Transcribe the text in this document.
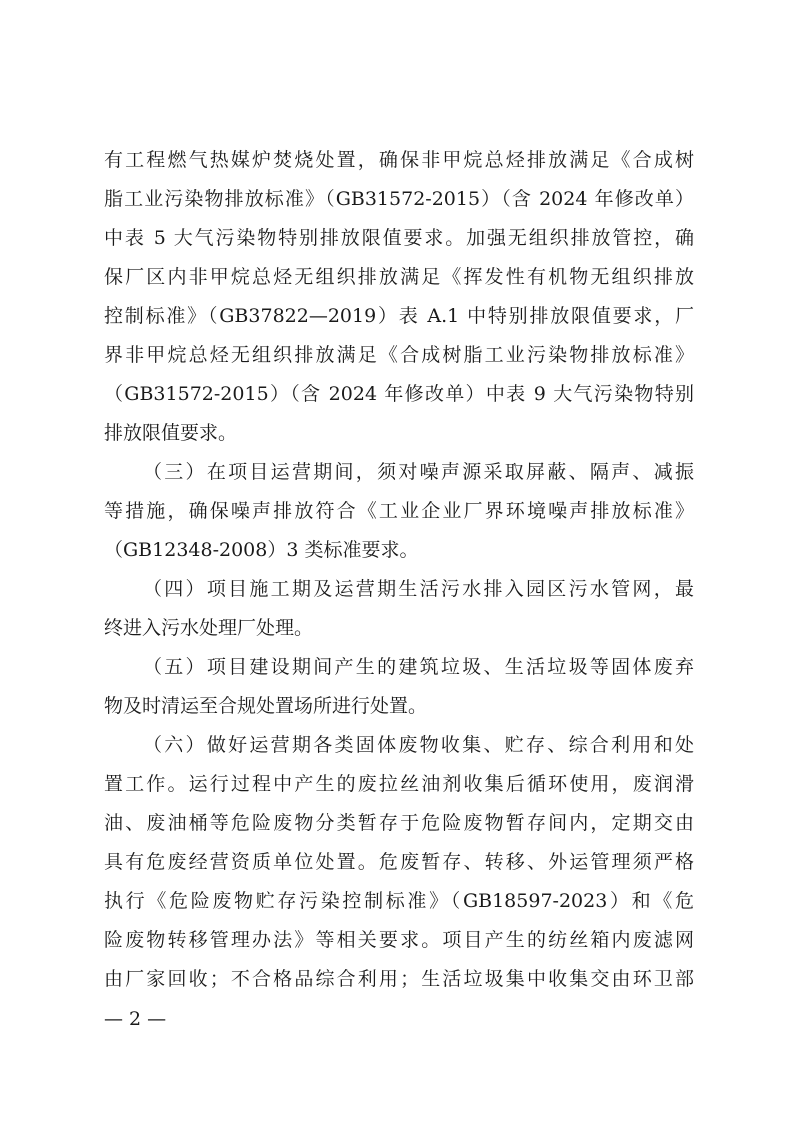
有工程燃气热媒炉焚烧处置，确保非甲烷总烃排放满足《合成树
脂工业污染物排放标准》（GB31572-2015）（含 2024 年修改单）
中表 5 大气污染物特别排放限值要求。加强无组织排放管控，确
保厂区内非甲烷总烃无组织排放满足《挥发性有机物无组织排放
控制标准》（GB37822—2019）表 A.1 中特别排放限值要求，厂
界非甲烷总烃无组织排放满足《合成树脂工业污染物排放标准》
（GB31572-2015）（含 2024 年修改单）中表 9 大气污染物特别
排放限值要求。
（三）在项目运营期间，须对噪声源采取屏蔽、隔声、减振
等措施，确保噪声排放符合《工业企业厂界环境噪声排放标准》
（GB12348-2008）3 类标准要求。
（四）项目施工期及运营期生活污水排入园区污水管网，最
终进入污水处理厂处理。
（五）项目建设期间产生的建筑垃圾、生活垃圾等固体废弃
物及时清运至合规处置场所进行处置。
（六）做好运营期各类固体废物收集、贮存、综合利用和处
置工作。运行过程中产生的废拉丝油剂收集后循环使用，废润滑
油、废油桶等危险废物分类暂存于危险废物暂存间内，定期交由
具有危废经营资质单位处置。危废暂存、转移、外运管理须严格
执行《危险废物贮存污染控制标准》（GB18597-2023）和《危
险废物转移管理办法》等相关要求。项目产生的纺丝箱内废滤网
由厂家回收；不合格品综合利用；生活垃圾集中收集交由环卫部
— 2 —
